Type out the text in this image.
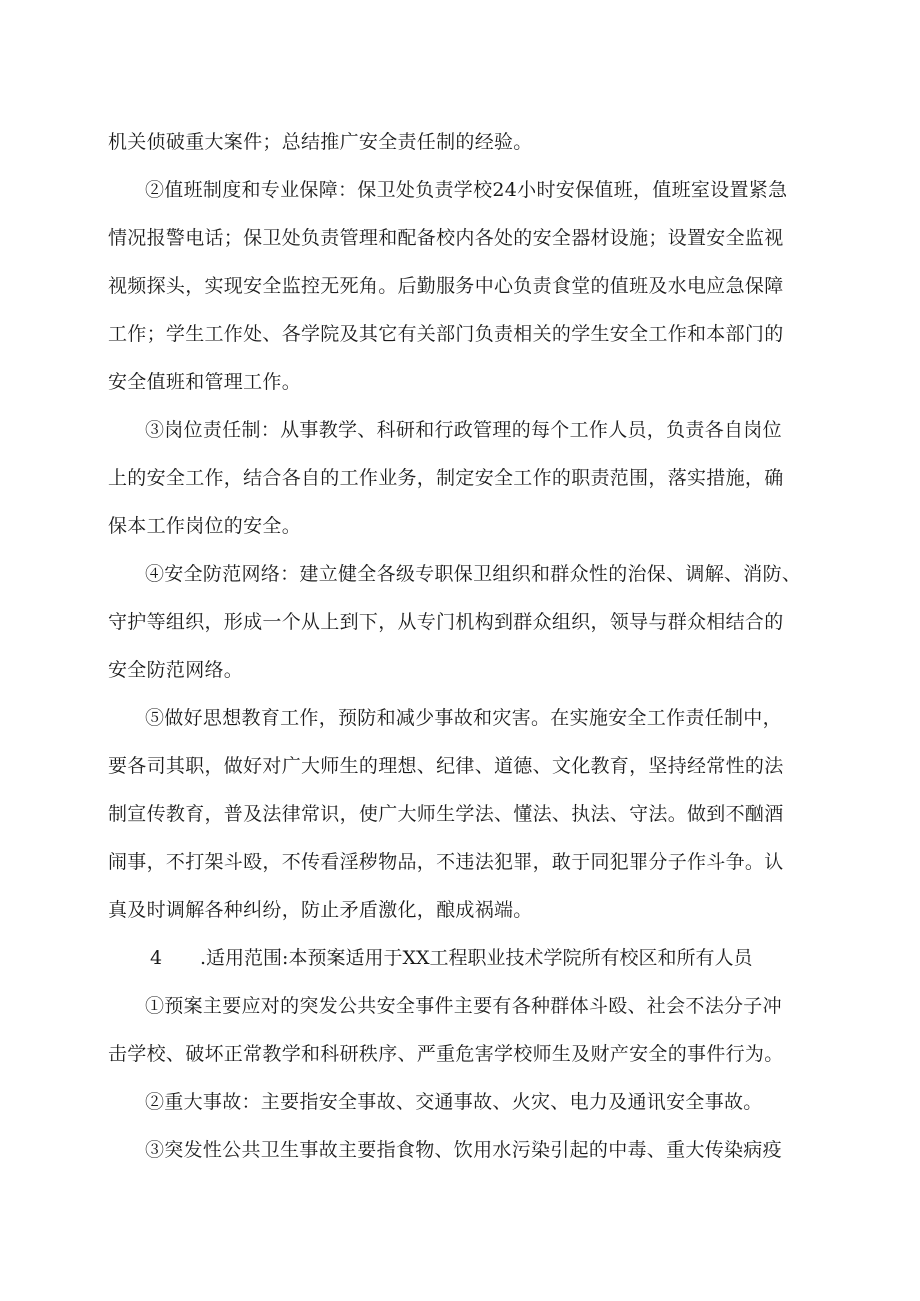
机关侦破重大案件；总结推广安全责任制的经验。
②值班制度和专业保障：保卫处负责学校24小时安保值班，值班室设置紧急
情况报警电话；保卫处负责管理和配备校内各处的安全器材设施；设置安全监视
视频探头，实现安全监控无死角。后勤服务中心负责食堂的值班及水电应急保障
工作；学生工作处、各学院及其它有关部门负责相关的学生安全工作和本部门的
安全值班和管理工作。
③岗位责任制：从事教学、科研和行政管理的每个工作人员，负责各自岗位
上的安全工作，结合各自的工作业务，制定安全工作的职责范围，落实措施，确
保本工作岗位的安全。
④安全防范网络：建立健全各级专职保卫组织和群众性的治保、调解、消防、
守护等组织，形成一个从上到下，从专门机构到群众组织，领导与群众相结合的
安全防范网络。
⑤做好思想教育工作，预防和减少事故和灾害。在实施安全工作责任制中，
要各司其职，做好对广大师生的理想、纪律、道德、文化教育，坚持经常性的法
制宣传教育，普及法律常识，使广大师生学法、懂法、执法、守法。做到不酗酒
闹事，不打架斗殴，不传看淫秽物品，不违法犯罪，敢于同犯罪分子作斗争。认
真及时调解各种纠纷，防止矛盾激化，酿成祸端。
4 .适用范围:本预案适用于XX工程职业技术学院所有校区和所有人员
①预案主要应对的突发公共安全事件主要有各种群体斗殴、社会不法分子冲
击学校、破坏正常教学和科研秩序、严重危害学校师生及财产安全的事件行为。
②重大事故：主要指安全事故、交通事故、火灾、电力及通讯安全事故。
③突发性公共卫生事故主要指食物、饮用水污染引起的中毒、重大传染病疫
